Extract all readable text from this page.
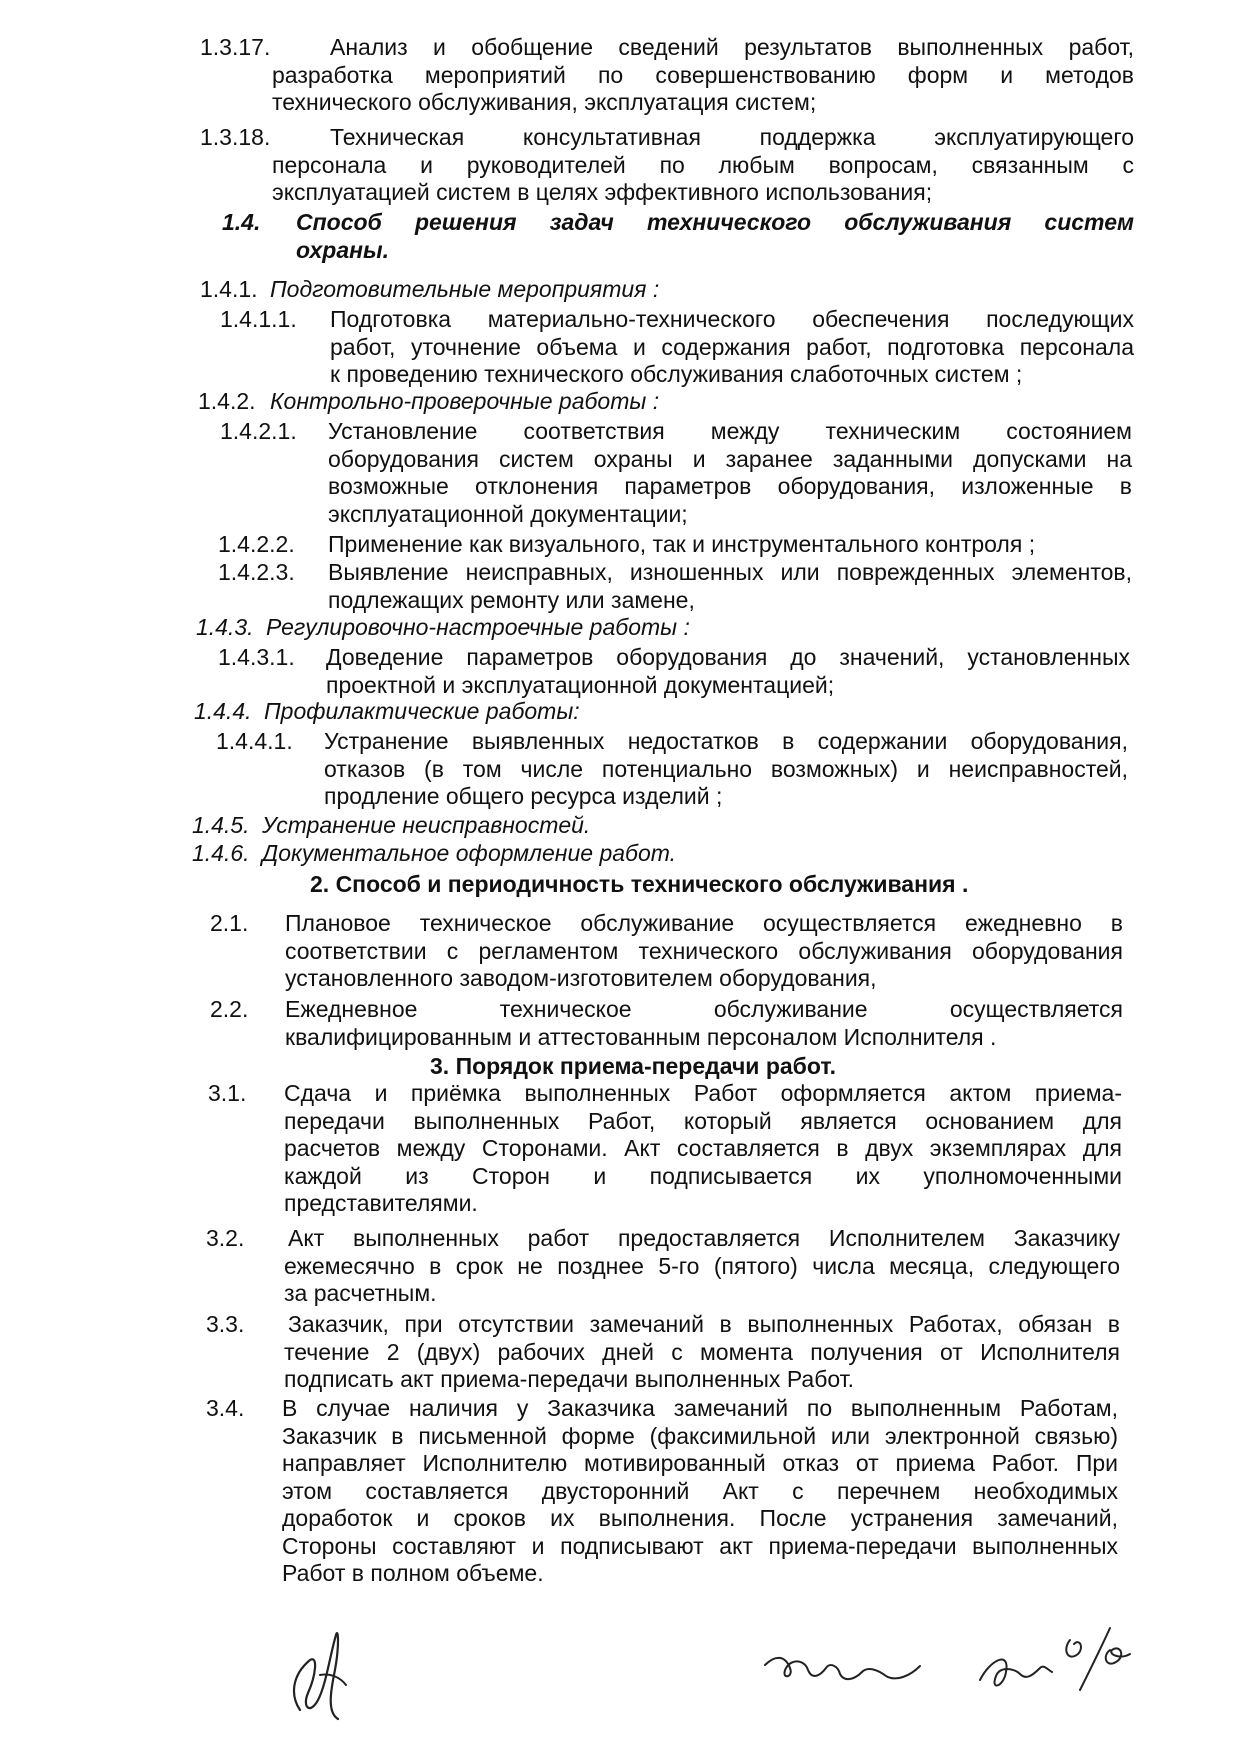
1.3.17.	Анализ и обобщение сведений результатов выполненных работ,
разработка мероприятий по совершенствованию форм и методов
технического обслуживания, эксплуатация систем;
1.3.18.	Техническая консультативная поддержка эксплуатирующего
персонала и руководителей по любым вопросам, связанным с
эксплуатацией систем в целях эффективного использования;
1.4. Способ решения задач технического обслуживания систем
охраны.
1.4.1. Подготовительные мероприятия :
1.4.1.1. Подготовка материально-технического обеспечения последующих
работ, уточнение объема и содержания работ, подготовка персонала
к проведению технического обслуживания слаботочных систем ;
1.4.2. Контрольно-проверочные работы :
1.4.2.1. Установление соответствия между техническим состоянием
оборудования систем охраны и заранее заданными допусками на
возможные отклонения параметров оборудования, изложенные в
эксплуатационной документации;
1.4.2.2. Применение как визуального, так и инструментального контроля ;
1.4.2.3. Выявление неисправных, изношенных или поврежденных элементов,
подлежащих ремонту или замене,
1.4.3. Регулировочно-настроечные работы :
1.4.3.1. Доведение параметров оборудования до значений, установленных
проектной и эксплуатационной документацией;
1.4.4. Профилактические работы:
1.4.4.1. Устранение выявленных недостатков в содержании оборудования,
отказов (в том числе потенциально возможных) и неисправностей,
продление общего ресурса изделий ;
1.4.5. Устранение неисправностей.
1.4.6. Документальное оформление работ.
2. Способ и периодичность технического обслуживания .
2.1. Плановое техническое обслуживание осуществляется ежедневно в
соответствии с регламентом технического обслуживания оборудования
установленного заводом-изготовителем оборудования,
2.2. Ежедневное техническое обслуживание осуществляется
квалифицированным и аттестованным персоналом Исполнителя .
3. Порядок приема-передачи работ.
3.1. Сдача и приёмка выполненных Работ оформляется актом приема-
передачи выполненных Работ, который является основанием для
расчетов между Сторонами. Акт составляется в двух экземплярах для
каждой из Сторон и подписывается их уполномоченными
представителями.
3.2. Акт выполненных работ предоставляется Исполнителем Заказчику
ежемесячно в срок не позднее 5-го (пятого) числа месяца, следующего
за расчетным.
3.3. Заказчик, при отсутствии замечаний в выполненных Работах, обязан в
течение 2 (двух) рабочих дней с момента получения от Исполнителя
подписать акт приема-передачи выполненных Работ.
3.4. В случае наличия у Заказчика замечаний по выполненным Работам,
Заказчик в письменной форме (факсимильной или электронной связью)
направляет Исполнителю мотивированный отказ от приема Работ. При
этом составляется двусторонний Акт с перечнем необходимых
доработок и сроков их выполнения. После устранения замечаний,
Стороны составляют и подписывают акт приема-передачи выполненных
Работ в полном объеме.
